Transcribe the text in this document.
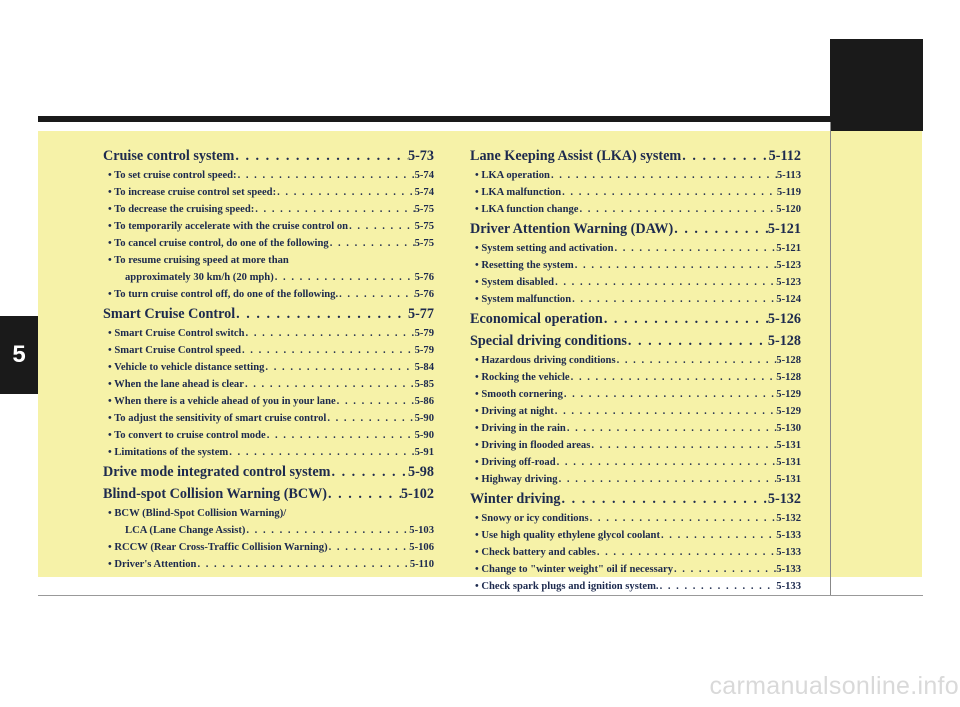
5
Cruise control system . . .	5-73
• To set cruise control speed: . . .	5-74
• To increase cruise control set speed: . . .	5-74
• To decrease the cruising speed: . . .	5-75
• To temporarily accelerate with the cruise control on . . .	5-75
• To cancel cruise control, do one of the following . . .	5-75
• To resume cruising speed at more than
approximately 30 km/h (20 mph) . . .	5-76
• To turn cruise control off, do one of the following. . . .	5-76
Smart Cruise Control . . .	5-77
• Smart Cruise Control switch . . .	5-79
• Smart Cruise Control speed . . .	5-79
• Vehicle to vehicle distance setting . . .	5-84
• When the lane ahead is clear . . .	5-85
• When there is a vehicle ahead of you in your lane . . .	5-86
• To adjust the sensitivity of smart cruise control . . .	5-90
• To convert to cruise control mode . . .	5-90
• Limitations of the system . . .	5-91
Drive mode integrated control system . . .	5-98
Blind-spot Collision Warning (BCW) . . .	5-102
• BCW (Blind-Spot Collision Warning)/
LCA (Lane Change Assist) . . .	5-103
• RCCW (Rear Cross-Traffic Collision Warning) . . .	5-106
• Driver's Attention . . .	5-110
Lane Keeping Assist (LKA) system . . .	5-112
• LKA operation . . .	5-113
• LKA malfunction . . .	5-119
• LKA function change . . .	5-120
Driver Attention Warning (DAW) . . .	5-121
• System setting and activation . . .	5-121
• Resetting the system . . .	5-123
• System disabled . . .	5-123
• System malfunction . . .	5-124
Economical operation . . .	5-126
Special driving conditions . . .	5-128
• Hazardous driving conditions . . .	5-128
• Rocking the vehicle . . .	5-128
• Smooth cornering . . .	5-129
• Driving at night . . .	5-129
• Driving in the rain . . .	5-130
• Driving in flooded areas . . .	5-131
• Driving off-road . . .	5-131
• Highway driving . . .	5-131
Winter driving . . .	5-132
• Snowy or icy conditions . . .	5-132
• Use high quality ethylene glycol coolant . . .	5-133
• Check battery and cables . . .	5-133
• Change to "winter weight" oil if necessary . . .	5-133
• Check spark plugs and ignition system. . . .	5-133
carmanualsonline.info
